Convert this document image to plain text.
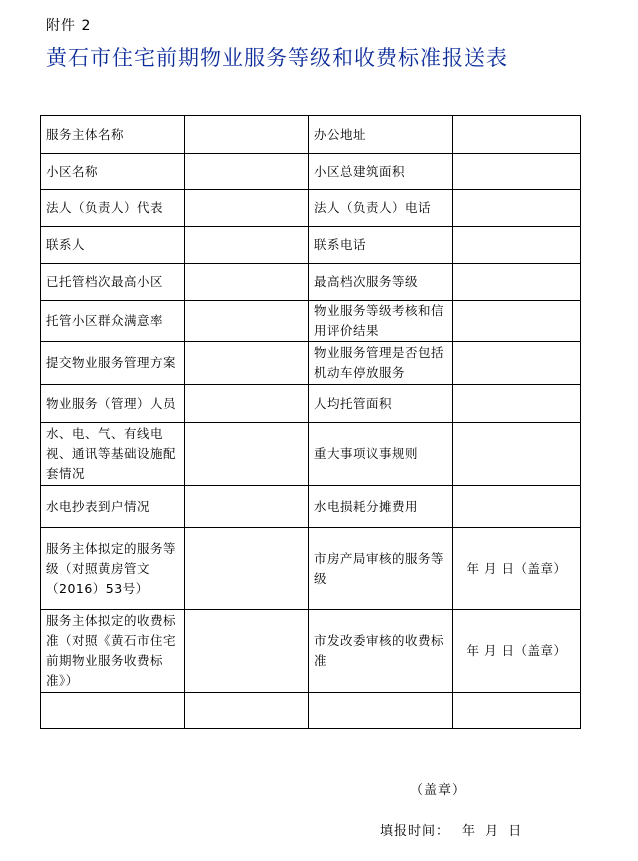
附件 2
黄石市住宅前期物业服务等级和收费标准报送表
服务主体名称		办公地址	
小区名称		小区总建筑面积	
法人（负责人）代表		法人（负责人）电话	
联系人		联系电话	
已托管档次最高小区		最高档次服务等级	
托管小区群众满意率		物业服务等级考核和信用评价结果	
提交物业服务管理方案		物业服务管理是否包括机动车停放服务	
物业服务（管理）人员		人均托管面积	
水、电、气、有线电视、通讯等基础设施配套情况		重大事项议事规则	
水电抄表到户情况		水电损耗分摊费用	
服务主体拟定的服务等级（对照黄房管文（2016）53号）		市房产局审核的服务等级	年 月 日（盖章）
服务主体拟定的收费标准（对照《黄石市住宅前期物业服务收费标准》）		市发改委审核的收费标准	年 月 日（盖章）

（盖章）
填报时间： 年 月 日
